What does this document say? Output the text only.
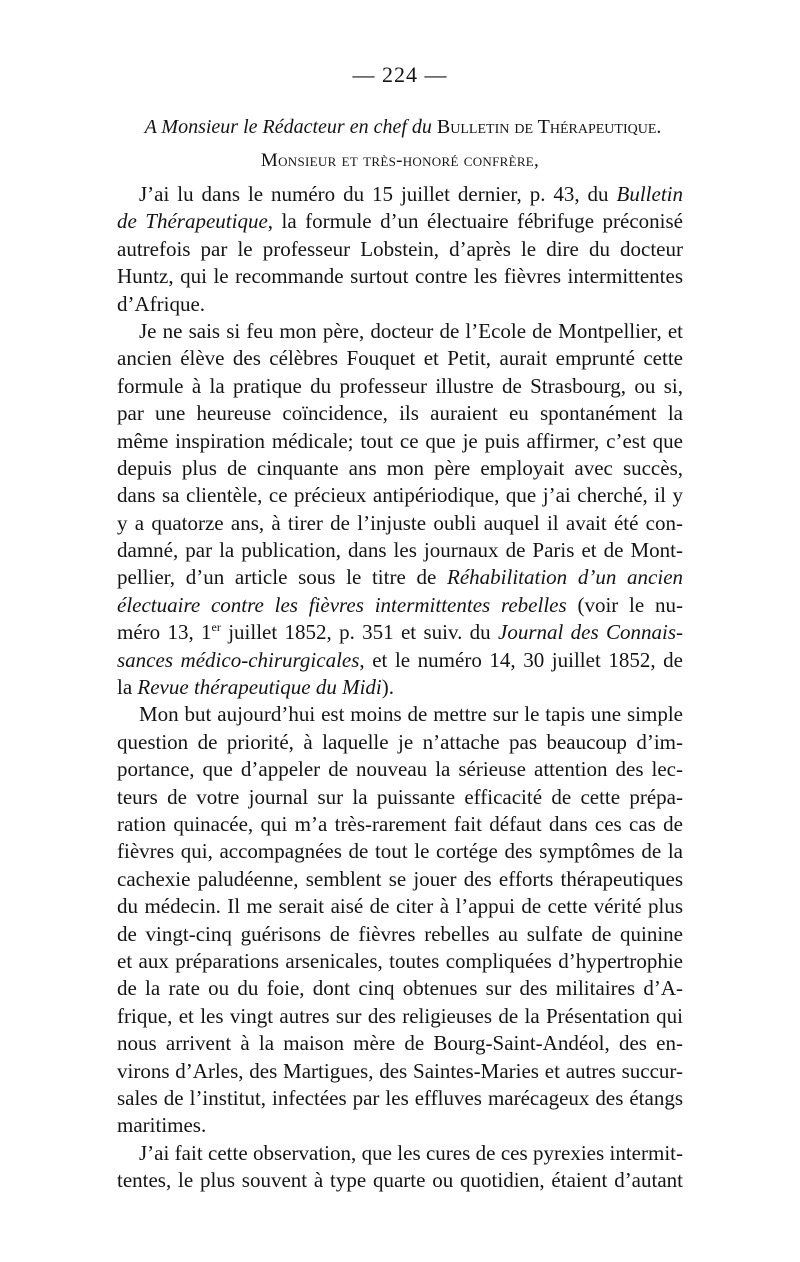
— 224 —
A Monsieur le Rédacteur en chef du Bulletin de Thérapeutique.
Monsieur et très-honoré confrère,
J’ai lu dans le numéro du 15 juillet dernier, p. 43, du Bulletin
de Thérapeutique, la formule d’un électuaire fébrifuge préconisé
autrefois par le professeur Lobstein, d’après le dire du docteur
Huntz, qui le recommande surtout contre les fièvres intermittentes
d’Afrique.
Je ne sais si feu mon père, docteur de l’Ecole de Montpellier, et
ancien élève des célèbres Fouquet et Petit, aurait emprunté cette
formule à la pratique du professeur illustre de Strasbourg, ou si,
par une heureuse coïncidence, ils auraient eu spontanément la
même inspiration médicale; tout ce que je puis affirmer, c’est que
depuis plus de cinquante ans mon père employait avec succès,
dans sa clientèle, ce précieux antipériodique, que j’ai cherché, il y
y a quatorze ans, à tirer de l’injuste oubli auquel il avait été con-
damné, par la publication, dans les journaux de Paris et de Mont-
pellier, d’un article sous le titre de Réhabilitation d’un ancien
électuaire contre les fièvres intermittentes rebelles (voir le nu-
méro 13, 1er juillet 1852, p. 351 et suiv. du Journal des Connais-
sances médico-chirurgicales, et le numéro 14, 30 juillet 1852, de
la Revue thérapeutique du Midi).
Mon but aujourd’hui est moins de mettre sur le tapis une simple
question de priorité, à laquelle je n’attache pas beaucoup d’im-
portance, que d’appeler de nouveau la sérieuse attention des lec-
teurs de votre journal sur la puissante efficacité de cette prépa-
ration quinacée, qui m’a très-rarement fait défaut dans ces cas de
fièvres qui, accompagnées de tout le cortége des symptômes de la
cachexie paludéenne, semblent se jouer des efforts thérapeutiques
du médecin. Il me serait aisé de citer à l’appui de cette vérité plus
de vingt-cinq guérisons de fièvres rebelles au sulfate de quinine
et aux préparations arsenicales, toutes compliquées d’hypertrophie
de la rate ou du foie, dont cinq obtenues sur des militaires d’A-
frique, et les vingt autres sur des religieuses de la Présentation qui
nous arrivent à la maison mère de Bourg-Saint-Andéol, des en-
virons d’Arles, des Martigues, des Saintes-Maries et autres succur-
sales de l’institut, infectées par les effluves marécageux des étangs
maritimes.
J’ai fait cette observation, que les cures de ces pyrexies intermit-
tentes, le plus souvent à type quarte ou quotidien, étaient d’autant
